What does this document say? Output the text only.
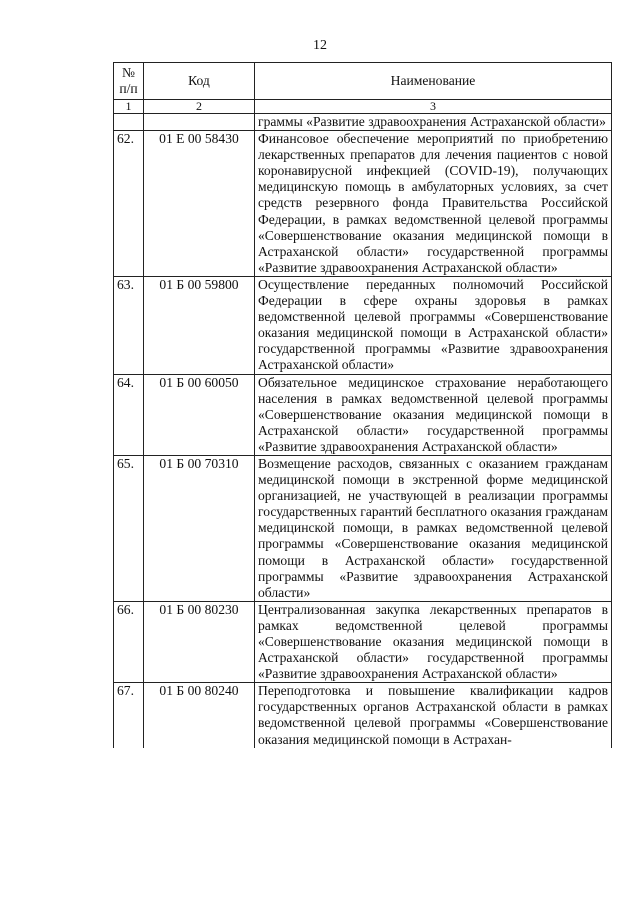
12
№
п/п	Код	Наименование
1	2	3
		граммы «Развитие здравоохранения Астраханской области»
62.	01 Е 00 58430	Финансовое обеспечение мероприятий по приобретению лекарственных препаратов для лечения пациентов с новой коронавирусной инфекцией (COVID-19), получающих медицинскую помощь в амбулаторных условиях, за счет средств резервного фонда Правительства Российской Федерации, в рамках ведомственной целевой программы «Совершенствование оказания медицинской помощи в Астраханской области» государственной программы «Развитие здравоохранения Астраханской области»
63.	01 Б 00 59800	Осуществление переданных полномочий Российской Федерации в сфере охраны здоровья в рамках ведомственной целевой программы «Совершенствование оказания медицинской помощи в Астраханской области» государственной программы «Развитие здравоохранения Астраханской области»
64.	01 Б 00 60050	Обязательное медицинское страхование неработающего населения в рамках ведомственной целевой программы «Совершенствование оказания медицинской помощи в Астраханской области» государственной программы «Развитие здравоохранения Астраханской области»
65.	01 Б 00 70310	Возмещение расходов, связанных с оказанием гражданам медицинской помощи в экстренной форме медицинской организацией, не участвующей в реализации программы государственных гарантий бесплатного оказания гражданам медицинской помощи, в рамках ведомственной целевой программы «Совершенствование оказания медицинской помощи в Астраханской области» государственной программы «Развитие здравоохранения Астраханской области»
66.	01 Б 00 80230	Централизованная закупка лекарственных препаратов в рамках ведомственной целевой программы «Совершенствование оказания медицинской помощи в Астраханской области» государственной программы «Развитие здравоохранения Астраханской области»
67.	01 Б 00 80240	Переподготовка и повышение квалификации кадров государственных органов Астраханской области в рамках ведомственной целевой программы «Совершенствование оказания медицинской помощи в Астрахан-
